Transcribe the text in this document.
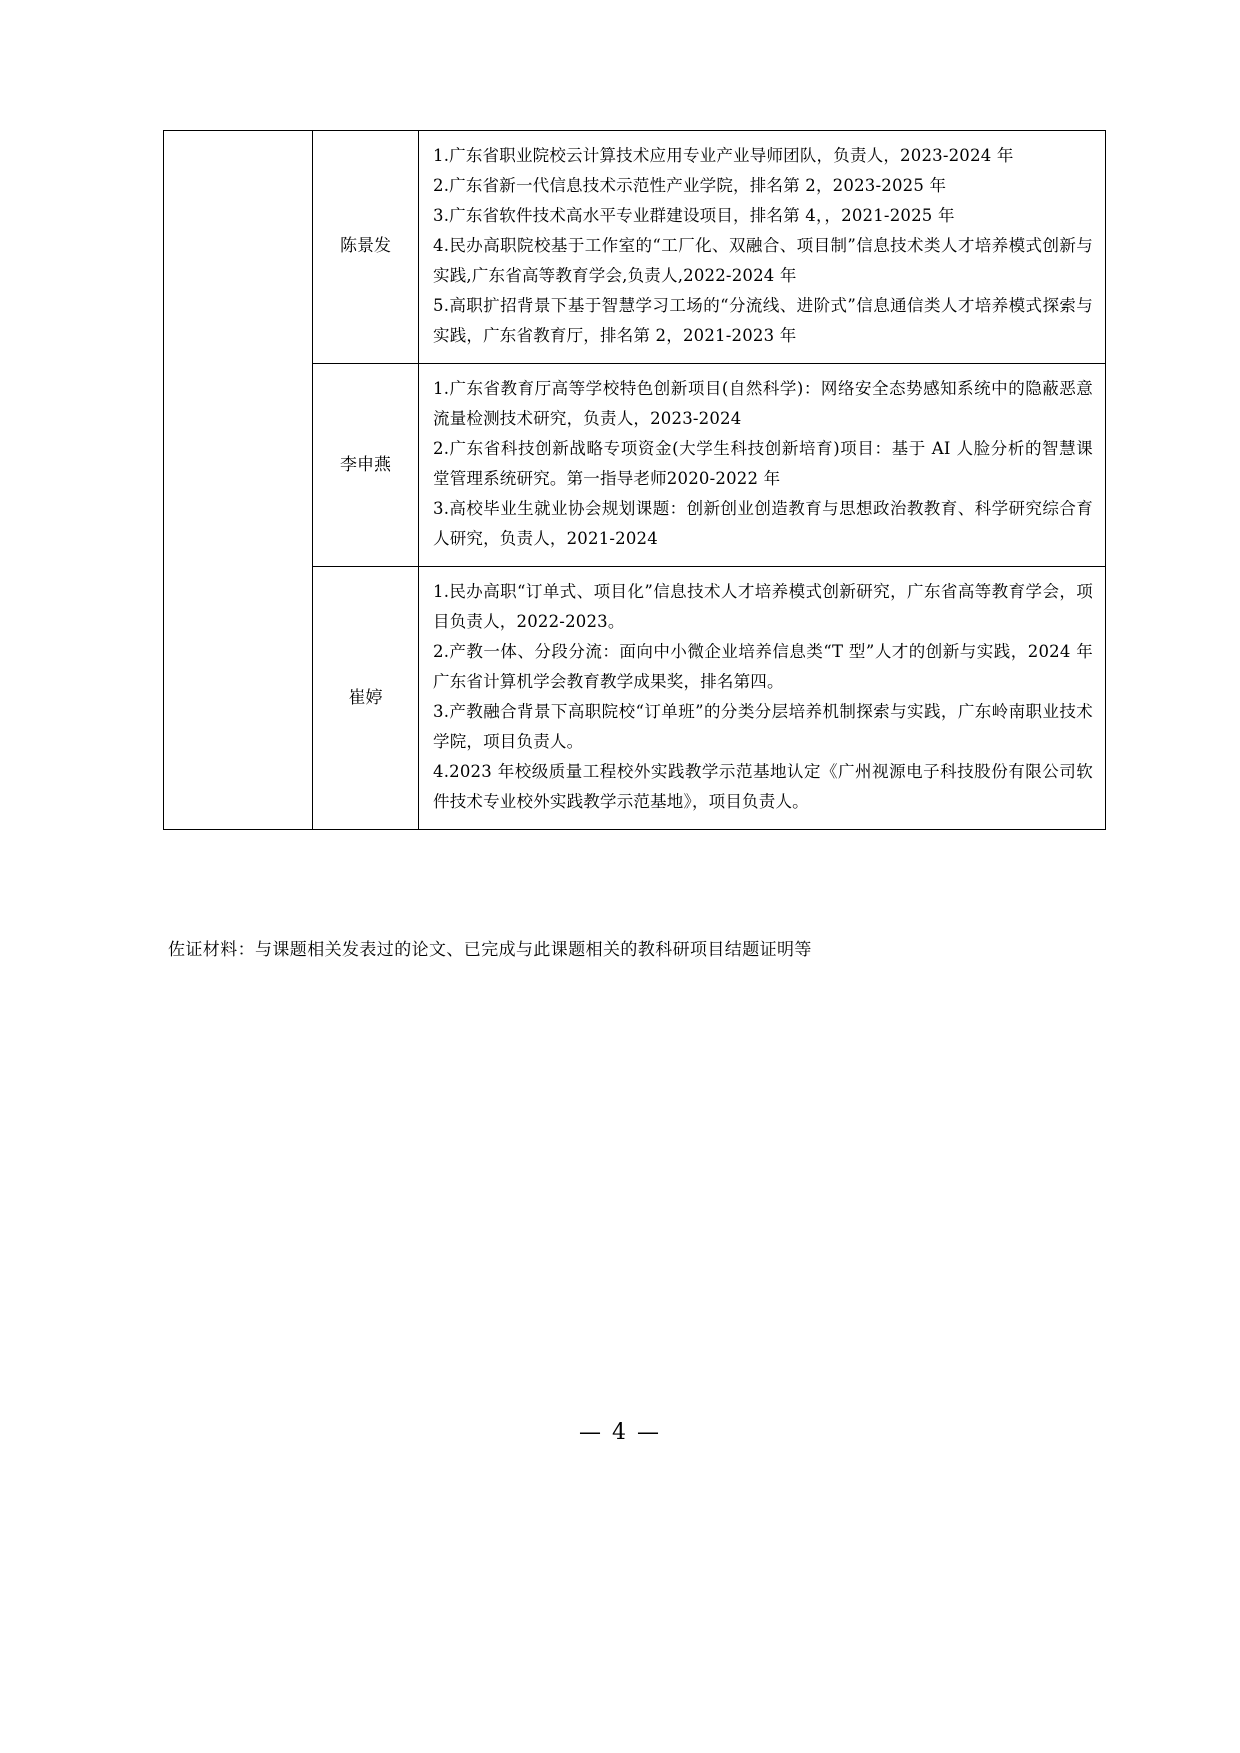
	陈景发	
1.广东省职业院校云计算技术应用专业产业导师团队，负责人，2023-2024 年
2.广东省新一代信息技术示范性产业学院，排名第 2，2023-2025 年
3.广东省软件技术高水平专业群建设项目，排名第 4，，2021-2025 年
4.民办高职院校基于工作室的“工厂化、双融合、项目制”信息技术类人才培养模式创新与实践,广东省高等教育学会,负责人,2022-2024 年
5.高职扩招背景下基于智慧学习工场的“分流线、进阶式”信息通信类人才培养模式探索与实践，广东省教育厅，排名第 2，2021-2023 年

李申燕	
1.广东省教育厅高等学校特色创新项目(自然科学)：网络安全态势感知系统中的隐蔽恶意流量检测技术研究，负责人，2023-2024
2.广东省科技创新战略专项资金(大学生科技创新培育)项目：基于 AI 人脸分析的智慧课堂管理系统研究。第一指导老师2020-2022 年
3.高校毕业生就业协会规划课题：创新创业创造教育与思想政治教教育、科学研究综合育人研究，负责人，2021-2024

崔婷	
1.民办高职“订单式、项目化”信息技术人才培养模式创新研究，广东省高等教育学会，项目负责人，2022-2023。
2.产教一体、分段分流：面向中小微企业培养信息类“T 型”人才的创新与实践，2024 年广东省计算机学会教育教学成果奖，排名第四。
3.产教融合背景下高职院校“订单班”的分类分层培养机制探索与实践，广东岭南职业技术学院，项目负责人。
4.2023 年校级质量工程校外实践教学示范基地认定《广州视源电子科技股份有限公司软件技术专业校外实践教学示范基地》，项目负责人。
佐证材料：与课题相关发表过的论文、已完成与此课题相关的教科研项目结题证明等
— 4 —
